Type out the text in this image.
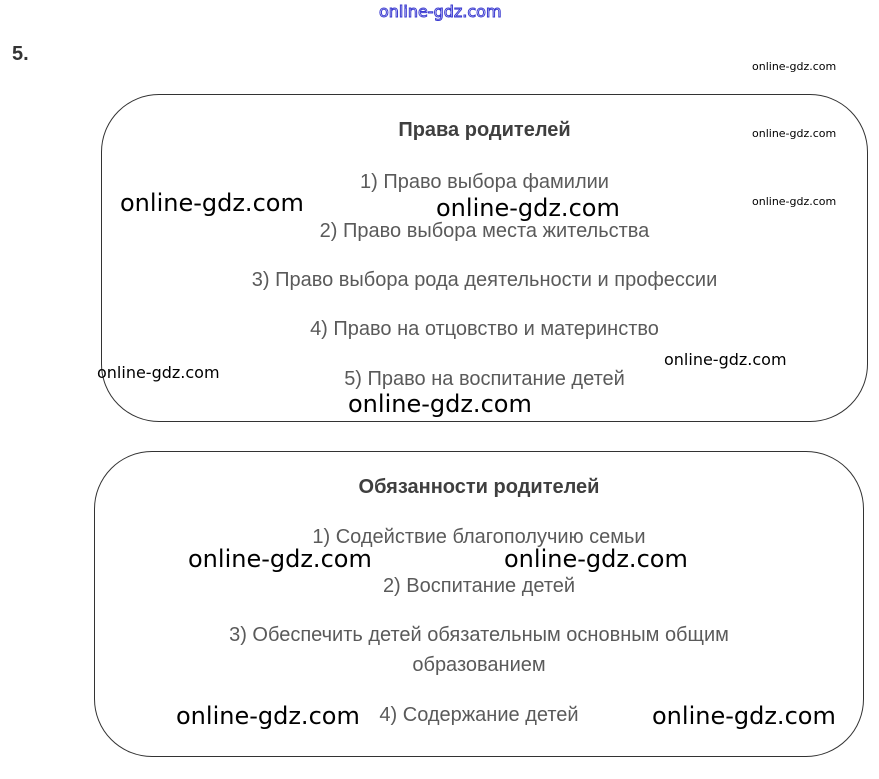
online-gdz.com
5.
Права родителей
1) Право выбора фамилии
2) Право выбора места жительства
3) Право выбора рода деятельности и профессии
4) Право на отцовство и материнство
5) Право на воспитание детей
Обязанности родителей
1) Содействие благополучию семьи
2) Воспитание детей
3) Обеспечить детей обязательным основным общим
образованием
4) Содержание детей
online-gdz.com
online-gdz.com
online-gdz.com
online-gdz.com	online-gdz.com
online-gdz.com
online-gdz.com
online-gdz.com
online-gdz.com	online-gdz.com
online-gdz.com	online-gdz.com
